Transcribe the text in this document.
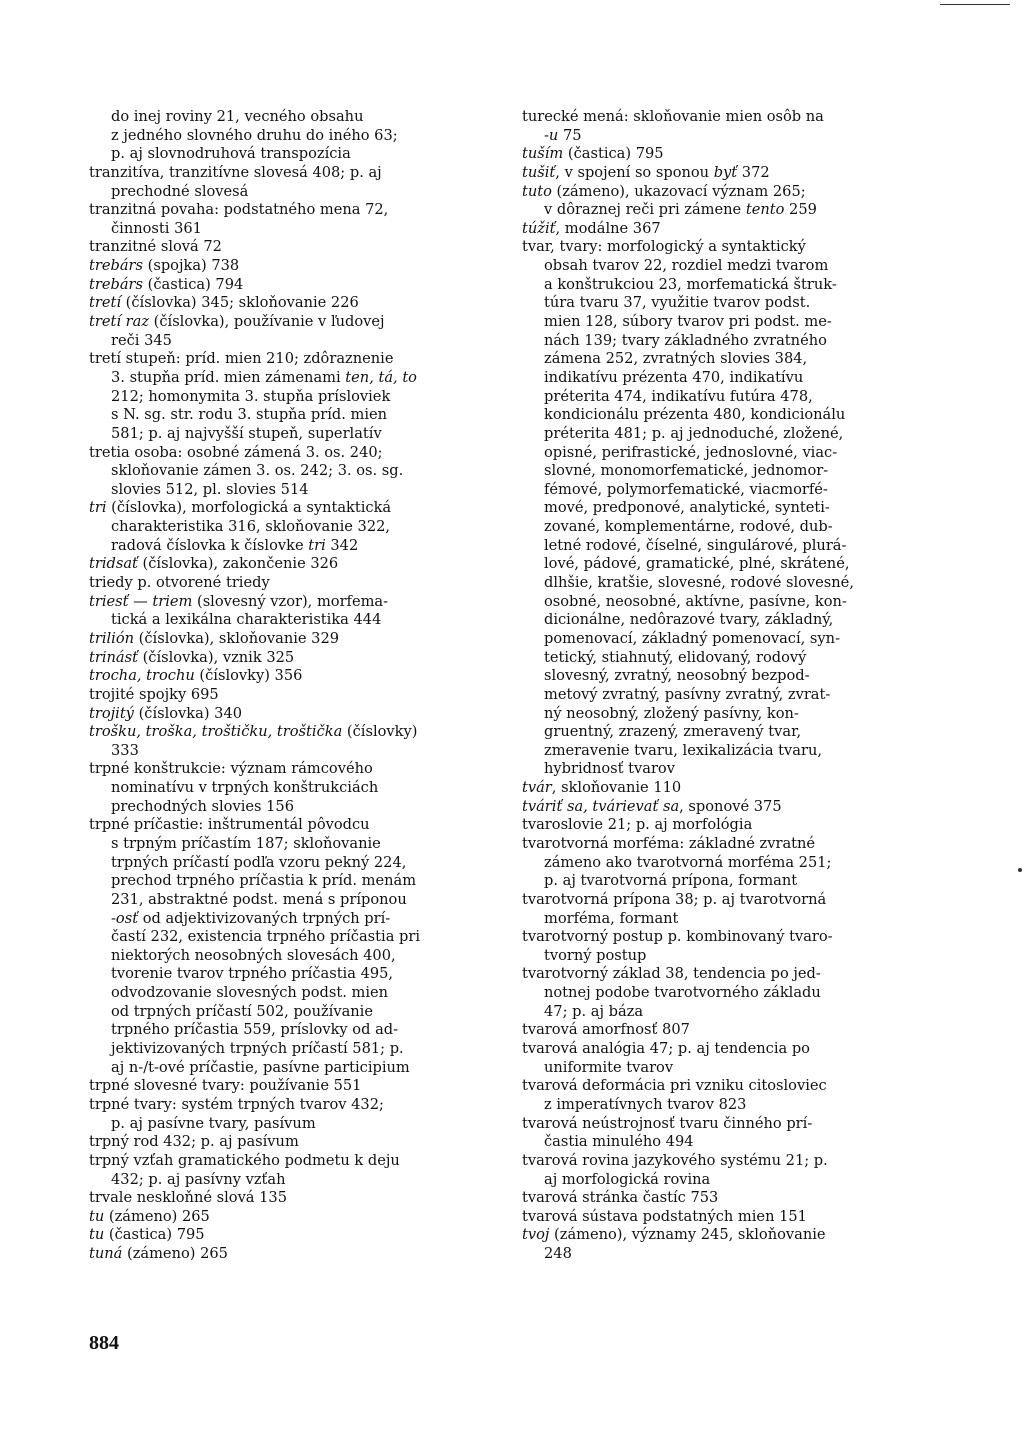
do inej roviny 21, vecného obsahu
z jedného slovného druhu do iného 63;
p. aj slovnodruhová transpozícia
tranzitíva, tranzitívne slovesá 408; p. aj
prechodné slovesá
tranzitná povaha: podstatného mena 72,
činnosti 361
tranzitné slová 72
trebárs (spojka) 738
trebárs (častica) 794
tretí (číslovka) 345; skloňovanie 226
tretí raz (číslovka), používanie v ľudovej
reči 345
tretí stupeň: príd. mien 210; zdôraznenie
3. stupňa príd. mien zámenami ten, tá, to
212; homonymita 3. stupňa prísloviek
s N. sg. str. rodu 3. stupňa príd. mien
581; p. aj najvyšší stupeň, superlatív
tretia osoba: osobné zámená 3. os. 240;
skloňovanie zámen 3. os. 242; 3. os. sg.
slovies 512, pl. slovies 514
tri (číslovka), morfologická a syntaktická
charakteristika 316, skloňovanie 322,
radová číslovka k číslovke tri 342
tridsať (číslovka), zakončenie 326
triedy p. otvorené triedy
triesť — triem (slovesný vzor), morfema-
tická a lexikálna charakteristika 444
trilión (číslovka), skloňovanie 329
trinásť (číslovka), vznik 325
trocha, trochu (číslovky) 356
trojité spojky 695
trojitý (číslovka) 340
trošku, troška, troštičku, troštička (číslovky)
333
trpné konštrukcie: význam rámcového
nominatívu v trpných konštrukciách
prechodných slovies 156
trpné príčastie: inštrumentál pôvodcu
s trpným príčastím 187; skloňovanie
trpných príčastí podľa vzoru pekný 224,
prechod trpného príčastia k príd. menám
231, abstraktné podst. mená s príponou
-osť od adjektivizovaných trpných prí-
častí 232, existencia trpného príčastia pri
niektorých neosobných slovesách 400,
tvorenie tvarov trpného príčastia 495,
odvodzovanie slovesných podst. mien
od trpných príčastí 502, používanie
trpného príčastia 559, príslovky od ad-
jektivizovaných trpných príčastí 581; p.
aj n-/t-ové príčastie, pasívne participium
trpné slovesné tvary: používanie 551
trpné tvary: systém trpných tvarov 432;
p. aj pasívne tvary, pasívum
trpný rod 432; p. aj pasívum
trpný vzťah gramatického podmetu k deju
432; p. aj pasívny vzťah
trvale neskloňné slová 135
tu (zámeno) 265
tu (častica) 795
tuná (zámeno) 265
turecké mená: skloňovanie mien osôb na
-u 75
tuším (častica) 795
tušiť, v spojení so sponou byť 372
tuto (zámeno), ukazovací význam 265;
v dôraznej reči pri zámene tento 259
túžiť, modálne 367
tvar, tvary: morfologický a syntaktický
obsah tvarov 22, rozdiel medzi tvarom
a konštrukciou 23, morfematická štruk-
túra tvaru 37, využitie tvarov podst.
mien 128, súbory tvarov pri podst. me-
nách 139; tvary základného zvratného
zámena 252, zvratných slovies 384,
indikatívu prézenta 470, indikatívu
préterita 474, indikatívu futúra 478,
kondicionálu prézenta 480, kondicionálu
préterita 481; p. aj jednoduché, zložené,
opisné, perifrastické, jednoslovné, viac-
slovné, monomorfematické, jednomor-
fémové, polymorfematické, viacmorfé-
mové, predponové, analytické, synteti-
zované, komplementárne, rodové, dub-
letné rodové, číselné, singulárové, plurá-
lové, pádové, gramatické, plné, skrátené,
dlhšie, kratšie, slovesné, rodové slovesné,
osobné, neosobné, aktívne, pasívne, kon-
dicionálne, nedôrazové tvary, základný,
pomenovací, základný pomenovací, syn-
tetický, stiahnutý, elidovaný, rodový
slovesný, zvratný, neosobný bezpod-
metový zvratný, pasívny zvratný, zvrat-
ný neosobný, zložený pasívny, kon-
gruentný, zrazený, zmeravený tvar,
zmeravenie tvaru, lexikalizácia tvaru,
hybridnosť tvarov
tvár, skloňovanie 110
tváriť sa, tvárievať sa, sponové 375
tvaroslovie 21; p. aj morfológia
tvarotvorná morféma: základné zvratné
zámeno ako tvarotvorná morféma 251;
p. aj tvarotvorná prípona, formant
tvarotvorná prípona 38; p. aj tvarotvorná
morféma, formant
tvarotvorný postup p. kombinovaný tvaro-
tvorný postup
tvarotvorný základ 38, tendencia po jed-
notnej podobe tvarotvorného základu
47; p. aj báza
tvarová amorfnosť 807
tvarová analógia 47; p. aj tendencia po
uniformite tvarov
tvarová deformácia pri vzniku citosloviec
z imperatívnych tvarov 823
tvarová neústrojnosť tvaru činného prí-
častia minulého 494
tvarová rovina jazykového systému 21; p.
aj morfologická rovina
tvarová stránka častíc 753
tvarová sústava podstatných mien 151
tvoj (zámeno), významy 245, skloňovanie
248
884
